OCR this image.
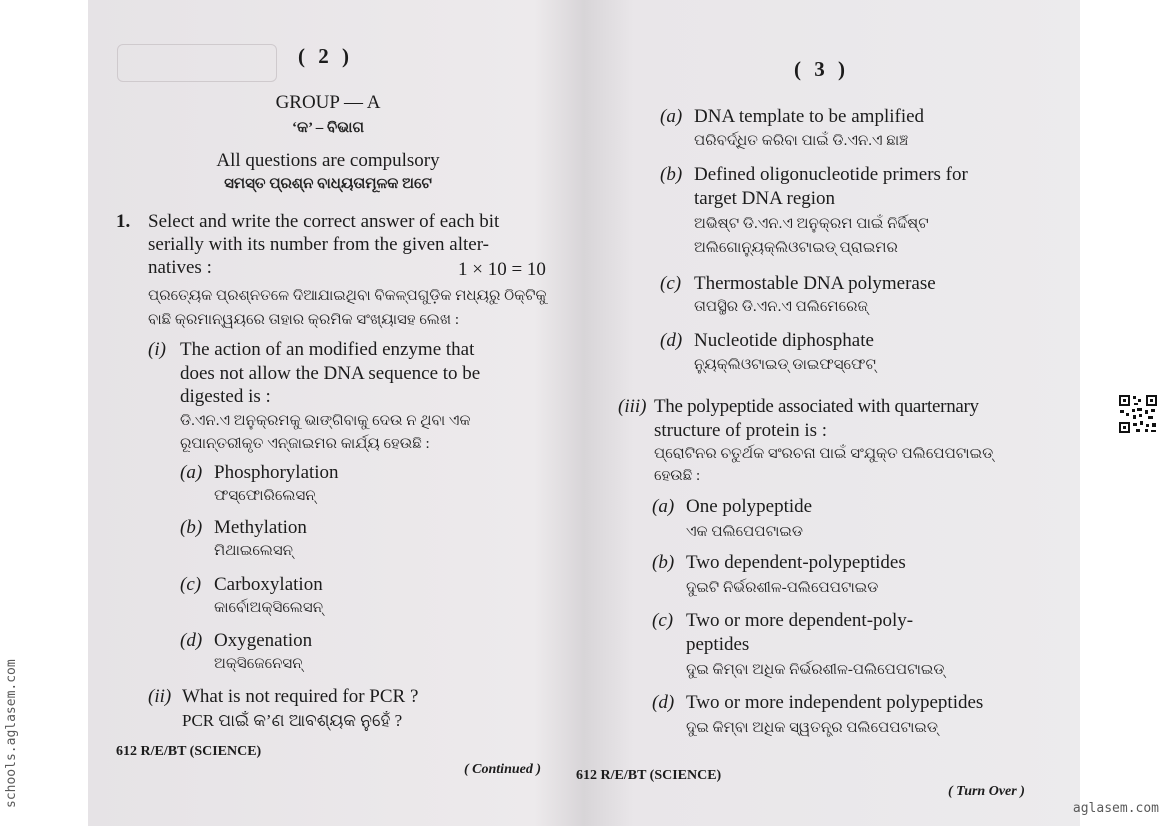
( 2 )
GROUP — A
‘କ’ – ବିଭାଗ
All questions are compulsory
ସମସ୍ତ ପ୍ରଶ୍ନ ବାଧ୍ୟତାମୂଳକ ଅଟେ
1. Select and write the correct answer of each bit
serially with its number from the given alter-
natives :	1 × 10 = 10
ପ୍ରତ୍ୟେକ ପ୍ରଶ୍ନତଳେ ଦିଆଯାଇଥିବା ବିକଳ୍ପଗୁଡ଼ିକ ମଧ୍ୟରୁ ଠିକ୍‌ଟିକୁ
ବାଛି କ୍ରମାନ୍ୱୟରେ ତାହାର କ୍ରମିକ ସଂଖ୍ୟାସହ ଲେଖ :
(i) The action of an modified enzyme that
does not allow the DNA sequence to be
digested is :
ଡି.ଏନ.ଏ ଅନୁକ୍ରମକୁ ଭାଙ୍ଗିବାକୁ ଦେଉ ନ ଥିବା ଏକ
ରୂପାନ୍ତରୀକୃତ ଏନ୍‌ଜାଇମର କାର୍ଯ୍ୟ ହେଉଛି :
(a) Phosphorylation
ଫସ୍‌ଫୋରିଲେସନ୍
(b) Methylation
ମିଥାଇଲେସନ୍
(c) Carboxylation
କାର୍ବୋଅକ୍ସିଲେସନ୍
(d) Oxygenation
ଅକ୍ସିଜେନେସନ୍
(ii) What is not required for PCR ?
PCR ପାଇଁ କ’ଣ ଆବଶ୍ୟକ ନୁହେଁ ?
612 R/E/BT (SCIENCE)
( Continued )
( 3 )
(a) DNA template to be amplified
ପରିବର୍ଦ୍ଧିତ କରିବା ପାଇଁ ଡି.ଏନ.ଏ ଛାଞ୍ଚ
(b) Defined oligonucleotide primers for
target DNA region
ଅଭିଷ୍ଟ ଡି.ଏନ.ଏ ଅନୁକ୍ରମ ପାଇଁ ନିର୍ଦ୍ଦିଷ୍ଟ
ଅଲିଗୋନ୍ୟୁକ୍ଲିଓଟାଇଡ୍ ପ୍ରାଇମର
(c) Thermostable DNA polymerase
ତାପସ୍ଥିର ଡି.ଏନ.ଏ ପଲିମେରେଜ୍
(d) Nucleotide diphosphate
ନ୍ୟୁକ୍ଲିଓଟାଇଡ୍ ଡାଇଫସ୍‌ଫେଟ୍
(iii) The polypeptide associated with quarternary
structure of protein is :
ପ୍ରୋଟିନର ଚତୁର୍ଥକ ସଂରଚନା ପାଇଁ ସଂଯୁକ୍ତ ପଲିପେପଟାଇଡ୍
ହେଉଛି :
(a) One polypeptide
ଏକ ପଲିପେପଟାଇଡ
(b) Two dependent-polypeptides
ଦୁଇଟି ନିର୍ଭରଶୀଳ-ପଲିପେପଟାଇଡ
(c) Two or more dependent-poly-
peptides
ଦୁଇ କିମ୍ବା ଅଧିକ ନିର୍ଭରଶୀଳ-ପଲିପେପଟାଇଡ୍
(d) Two or more independent polypeptides
ଦୁଇ କିମ୍ବା ଅଧିକ ସ୍ୱତନ୍ତ୍ର ପଲିପେପଟାଇଡ୍
612 R/E/BT (SCIENCE)
( Turn Over )
schools.aglasem.com
aglasem.com
